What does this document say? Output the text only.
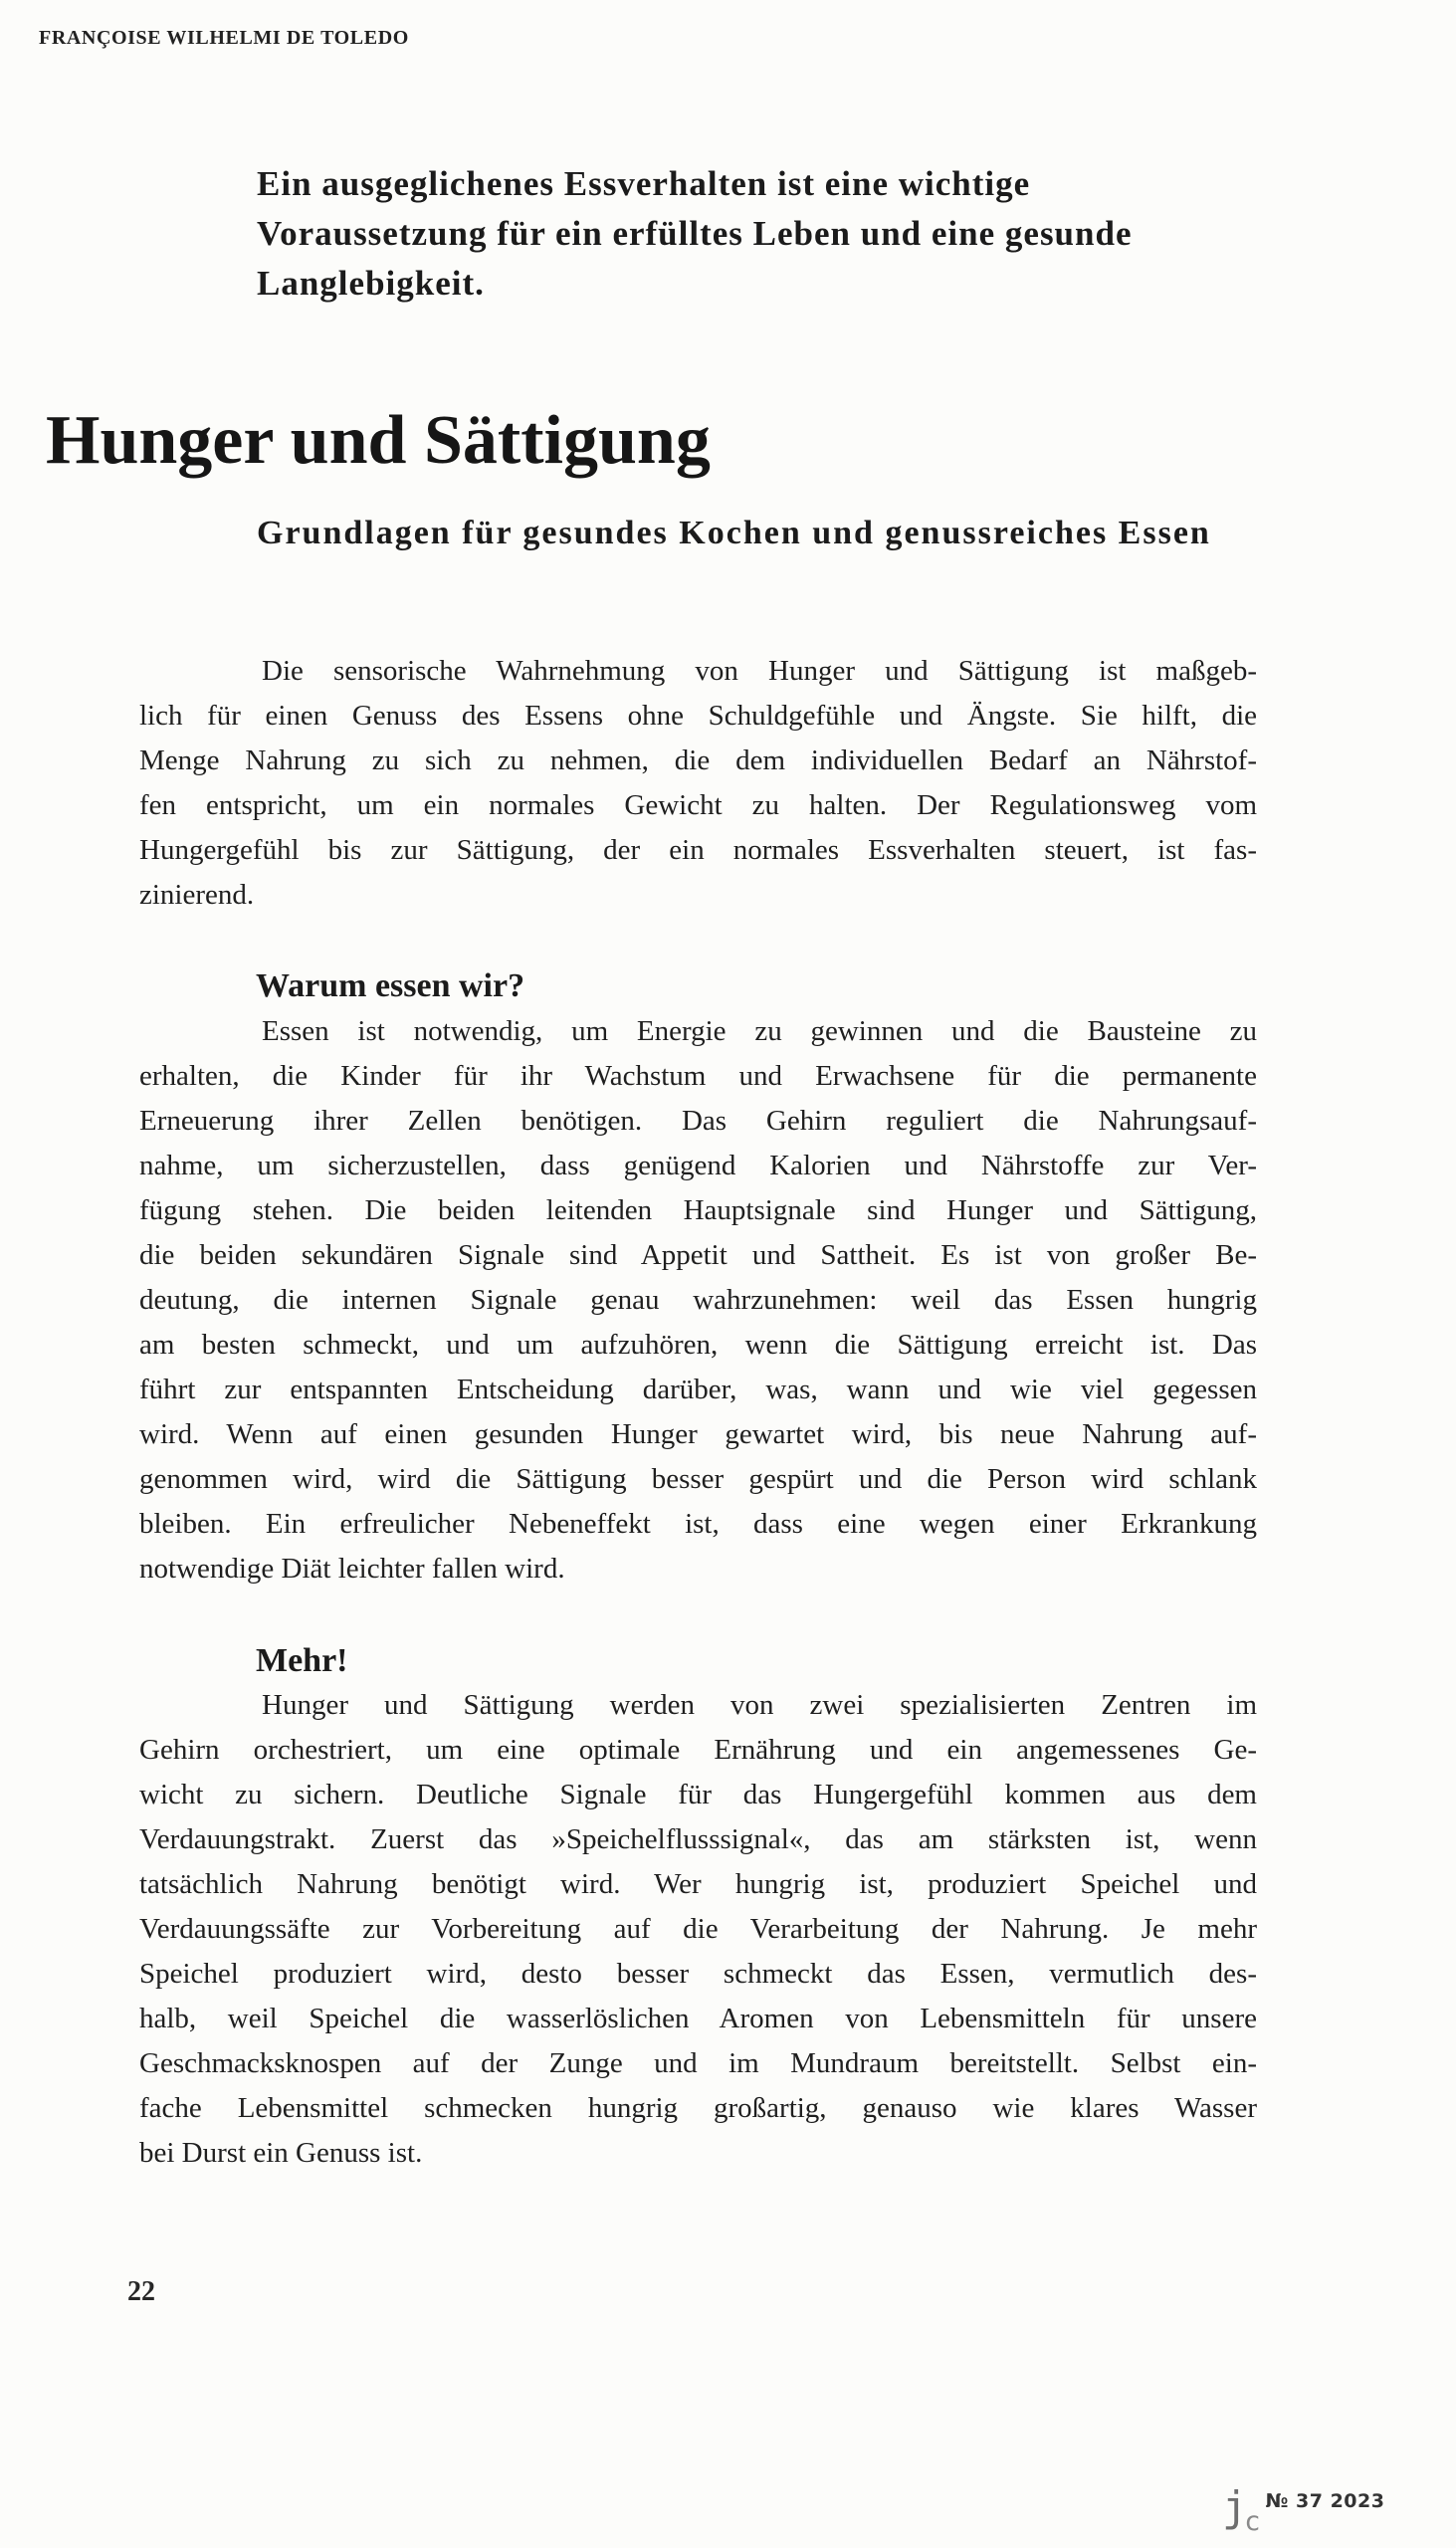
FRANÇOISE WILHELMI DE TOLEDO
Ein ausgeglichenes Essverhalten ist eine wichtige
Voraussetzung für ein erfülltes Leben und eine gesunde
Langlebigkeit.
Hunger und Sättigung
Grundlagen für gesundes Kochen und genussreiches Essen
Die sensorische Wahrnehmung von Hunger und Sättigung ist maßgeb-
lich für einen Genuss des Essens ohne Schuldgefühle und Ängste. Sie hilft, die
Menge Nahrung zu sich zu nehmen, die dem individuellen Bedarf an Nährstof-
fen entspricht, um ein normales Gewicht zu halten. Der Regulationsweg vom
Hungergefühl bis zur Sättigung, der ein normales Essverhalten steuert, ist fas-
zinierend.
Warum essen wir?
Essen ist notwendig, um Energie zu gewinnen und die Bausteine zu
erhalten, die Kinder für ihr Wachstum und Erwachsene für die permanente
Erneuerung ihrer Zellen benötigen. Das Gehirn reguliert die Nahrungsauf-
nahme, um sicherzustellen, dass genügend Kalorien und Nährstoffe zur Ver-
fügung stehen. Die beiden leitenden Hauptsignale sind Hunger und Sättigung,
die beiden sekundären Signale sind Appetit und Sattheit. Es ist von großer Be-
deutung, die internen Signale genau wahrzunehmen: weil das Essen hungrig
am besten schmeckt, und um aufzuhören, wenn die Sättigung erreicht ist. Das
führt zur entspannten Entscheidung darüber, was, wann und wie viel gegessen
wird. Wenn auf einen gesunden Hunger gewartet wird, bis neue Nahrung auf-
genommen wird, wird die Sättigung besser gespürt und die Person wird schlank
bleiben. Ein erfreulicher Nebeneffekt ist, dass eine wegen einer Erkrankung
notwendige Diät leichter fallen wird.
Mehr!
Hunger und Sättigung werden von zwei spezialisierten Zentren im
Gehirn orchestriert, um eine optimale Ernährung und ein angemessenes Ge-
wicht zu sichern. Deutliche Signale für das Hungergefühl kommen aus dem
Verdauungstrakt. Zuerst das »Speichelflusssignal«, das am stärksten ist, wenn
tatsächlich Nahrung benötigt wird. Wer hungrig ist, produziert Speichel und
Verdauungssäfte zur Vorbereitung auf die Verarbeitung der Nahrung. Je mehr
Speichel produziert wird, desto besser schmeckt das Essen, vermutlich des-
halb, weil Speichel die wasserlöslichen Aromen von Lebensmitteln für unsere
Geschmacksknospen auf der Zunge und im Mundraum bereitstellt. Selbst ein-
fache Lebensmittel schmecken hungrig großartig, genauso wie klares Wasser
bei Durst ein Genuss ist.
22
jc№ 37 2023
